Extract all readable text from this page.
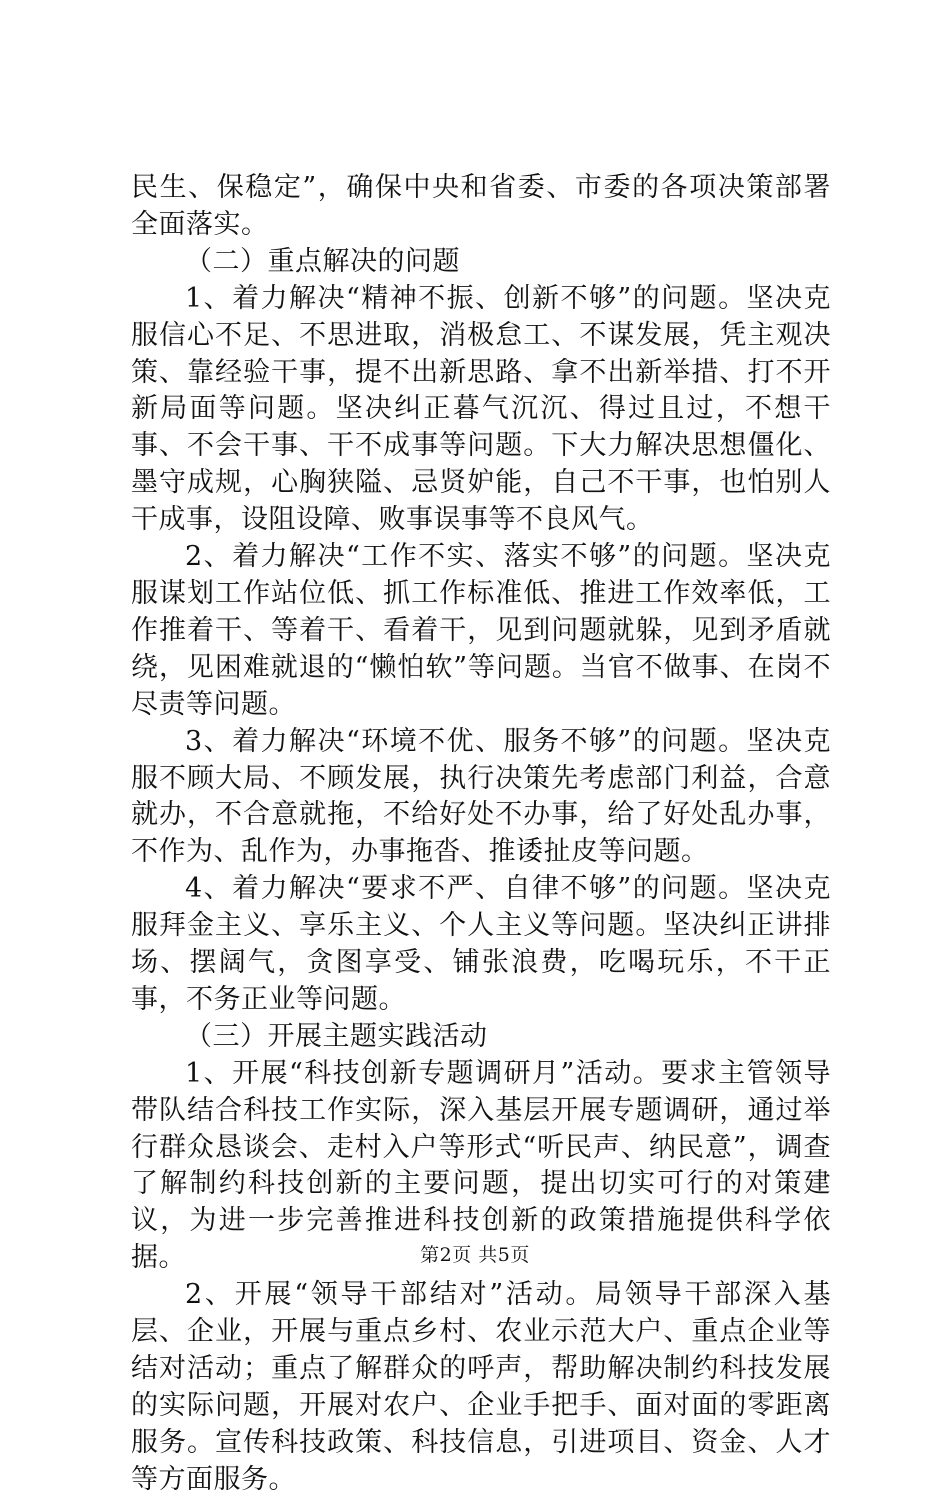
民生、保稳定”，确保中央和省委、市委的各项决策部署全面落实。

（二）重点解决的问题

1、着力解决“精神不振、创新不够”的问题。坚决克服信心不足、不思进取，消极怠工、不谋发展，凭主观决策、靠经验干事，提不出新思路、拿不出新举措、打不开新局面等问题。坚决纠正暮气沉沉、得过且过，不想干事、不会干事、干不成事等问题。下大力解决思想僵化、墨守成规，心胸狭隘、忌贤妒能，自己不干事，也怕别人干成事，设阻设障、败事误事等不良风气。

2、着力解决“工作不实、落实不够”的问题。坚决克服谋划工作站位低、抓工作标准低、推进工作效率低，工作推着干、等着干、看着干，见到问题就躲，见到矛盾就绕，见困难就退的“懒怕软”等问题。当官不做事、在岗不尽责等问题。

3、着力解决“环境不优、服务不够”的问题。坚决克服不顾大局、不顾发展，执行决策先考虑部门利益，合意就办，不合意就拖，不给好处不办事，给了好处乱办事，不作为、乱作为，办事拖沓、推诿扯皮等问题。

4、着力解决“要求不严、自律不够”的问题。坚决克服拜金主义、享乐主义、个人主义等问题。坚决纠正讲排场、摆阔气，贪图享受、铺张浪费，吃喝玩乐，不干正事，不务正业等问题。

（三）开展主题实践活动

1、开展“科技创新专题调研月”活动。要求主管领导带队结合科技工作实际，深入基层开展专题调研，通过举行群众恳谈会、走村入户等形式“听民声、纳民意”，调查了解制约科技创新的主要问题，提出切实可行的对策建议，为进一步完善推进科技创新的政策措施提供科学依据。

2、开展“领导干部结对”活动。局领导干部深入基层、企业，开展与重点乡村、农业示范大户、重点企业等结对活动；重点了解群众的呼声，帮助解决制约科技发展的实际问题，开展对农户、企业手把手、面对面的零距离服务。宣传科技政策、科技信息，引进项目、资金、人才等方面服务。

第2页 共5页
